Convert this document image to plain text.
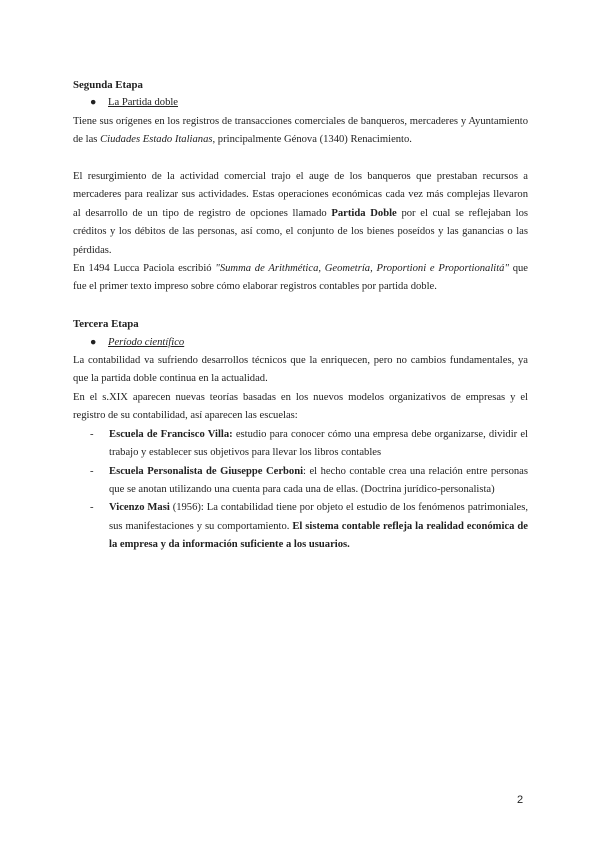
Segunda Etapa
● La Partida doble

Tiene sus orígenes en los registros de transacciones comerciales de banqueros, mercaderes y Ayuntamiento de las Ciudades Estado Italianas, principalmente Génova (1340) Renacimiento.

El resurgimiento de la actividad comercial trajo el auge de los banqueros que prestaban recursos a mercaderes para realizar sus actividades. Estas operaciones económicas cada vez más complejas llevaron al desarrollo de un tipo de registro de opciones llamado Partida Doble por el cual se reflejaban los créditos y los débitos de las personas, así como, el conjunto de los bienes poseídos y las ganancias o las pérdidas.

En 1494 Lucca Paciola escribió "Summa de Arithmética, Geometría, Proportioni e Proportionalitá" que fue el primer texto impreso sobre cómo elaborar registros contables por partida doble.

Tercera Etapa
● Período científico

La contabilidad va sufriendo desarrollos técnicos que la enriquecen, pero no cambios fundamentales, ya que la partida doble continua en la actualidad.

En el s.XIX aparecen nuevas teorías basadas en los nuevos modelos organizativos de empresas y el registro de su contabilidad, así aparecen las escuelas:

- Escuela de Francisco Villa: estudio para conocer cómo una empresa debe organizarse, dividir el trabajo y establecer sus objetivos para llevar los libros contables
- Escuela Personalista de Giuseppe Cerboni: el hecho contable crea una relación entre personas que se anotan utilizando una cuenta para cada una de ellas. (Doctrina jurídico-personalista)
- Vicenzo Masi (1956): La contabilidad tiene por objeto el estudio de los fenómenos patrimoniales, sus manifestaciones y su comportamiento. El sistema contable refleja la realidad económica de la empresa y da información suficiente a los usuarios.
2
